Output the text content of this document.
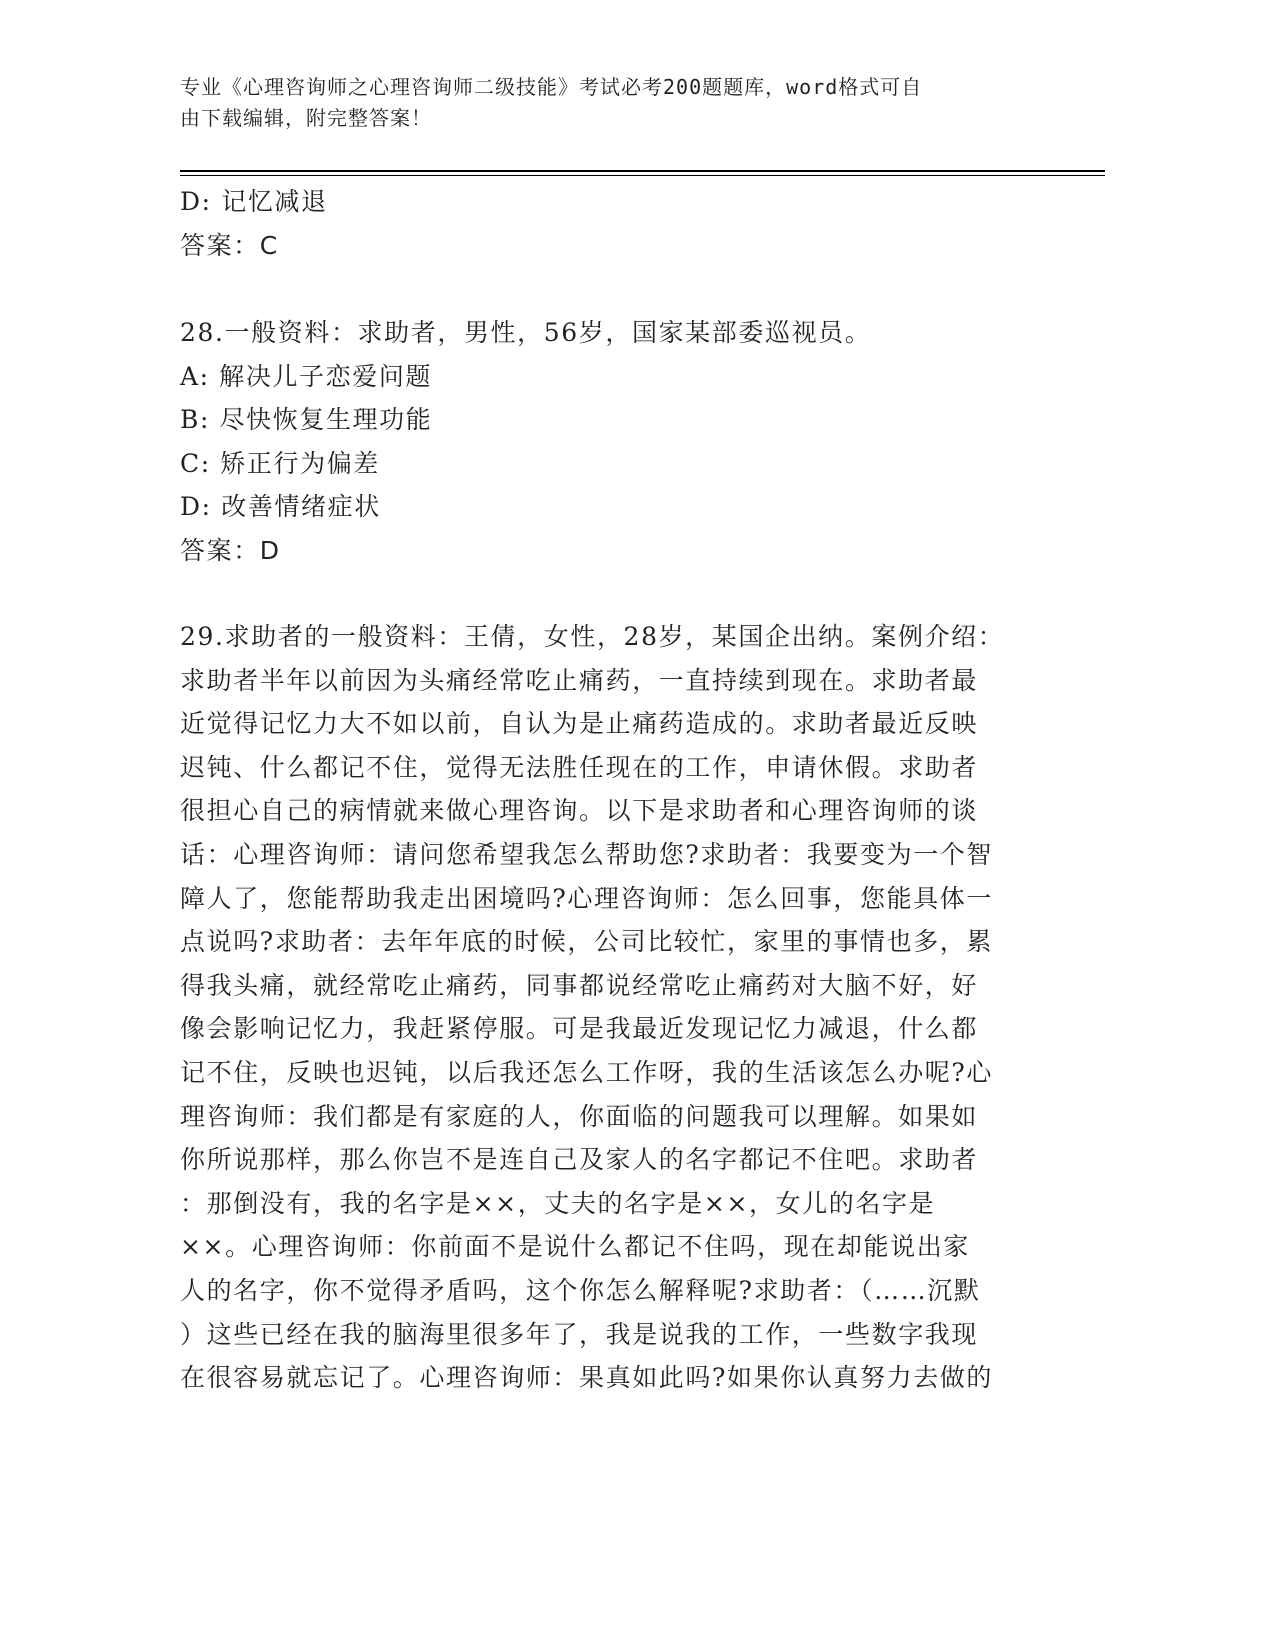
专业《心理咨询师之心理咨询师二级技能》考试必考200题题库，word格式可自
由下载编辑，附完整答案！
D: 记忆减退
答案：C
28.一般资料：求助者，男性，56岁，国家某部委巡视员。
A: 解决儿子恋爱问题
B: 尽快恢复生理功能
C: 矫正行为偏差
D: 改善情绪症状
答案：D
29.求助者的一般资料：王倩，女性，28岁，某国企出纳。案例介绍：
求助者半年以前因为头痛经常吃止痛药，一直持续到现在。求助者最
近觉得记忆力大不如以前，自认为是止痛药造成的。求助者最近反映
迟钝、什么都记不住，觉得无法胜任现在的工作，申请休假。求助者
很担心自己的病情就来做心理咨询。以下是求助者和心理咨询师的谈
话：心理咨询师：请问您希望我怎么帮助您?求助者：我要变为一个智
障人了，您能帮助我走出困境吗?心理咨询师：怎么回事，您能具体一
点说吗?求助者：去年年底的时候，公司比较忙，家里的事情也多，累
得我头痛，就经常吃止痛药，同事都说经常吃止痛药对大脑不好，好
像会影响记忆力，我赶紧停服。可是我最近发现记忆力减退，什么都
记不住，反映也迟钝，以后我还怎么工作呀，我的生活该怎么办呢?心
理咨询师：我们都是有家庭的人，你面临的问题我可以理解。如果如
你所说那样，那么你岂不是连自己及家人的名字都记不住吧。求助者
：那倒没有，我的名字是××，丈夫的名字是××，女儿的名字是
××。心理咨询师：你前面不是说什么都记不住吗，现在却能说出家
人的名字，你不觉得矛盾吗，这个你怎么解释呢?求助者：（……沉默
）这些已经在我的脑海里很多年了，我是说我的工作，一些数字我现
在很容易就忘记了。心理咨询师：果真如此吗?如果你认真努力去做的
